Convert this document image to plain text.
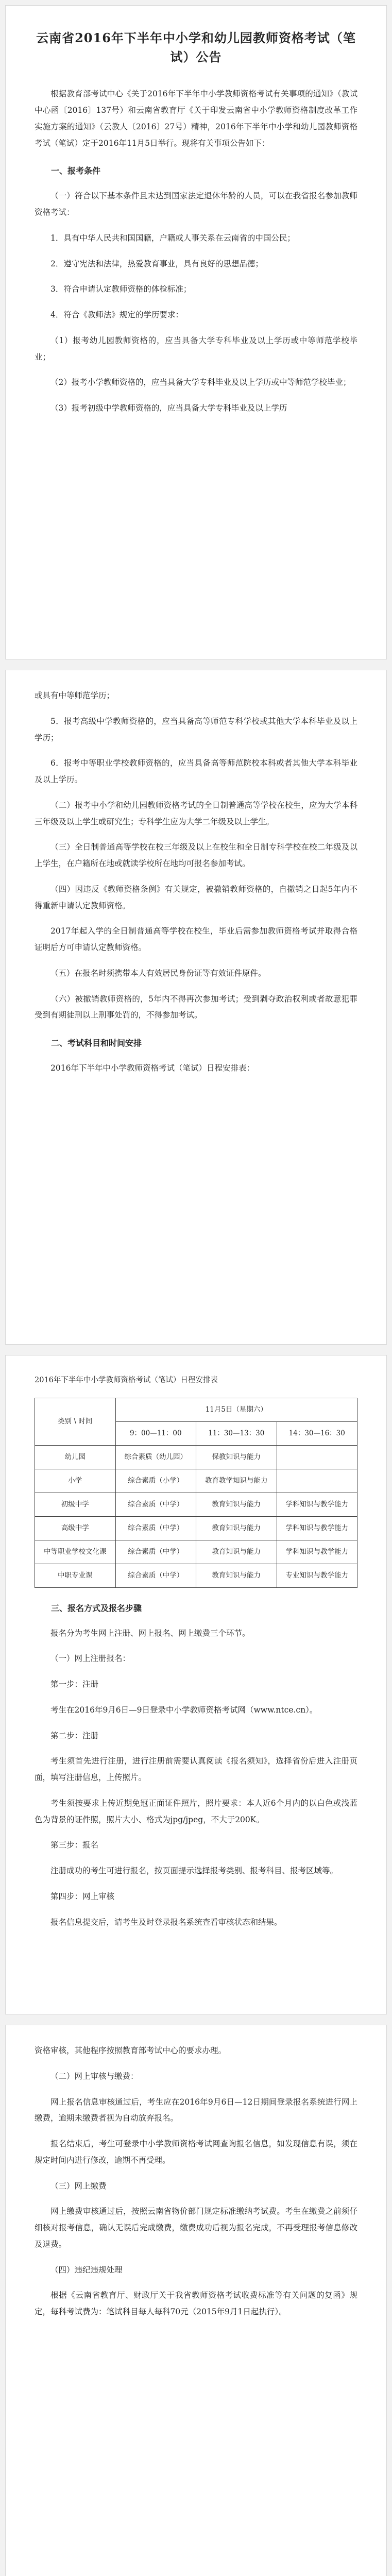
云南省2016年下半年中小学和幼儿园教师资格考试（笔试）公告

根据教育部考试中心《关于2016年下半年中小学教师资格考试有关事项的通知》（教试中心函〔2016〕137号）和云南省教育厅《关于印发云南省中小学教师资格制度改革工作实施方案的通知》（云教人〔2016〕27号）精神，2016年下半年中小学和幼儿园教师资格考试（笔试）定于2016年11月5日举行。现将有关事项公告如下：

一、报考条件

（一）符合以下基本条件且未达到国家法定退休年龄的人员，可以在我省报名参加教师资格考试：

1．具有中华人民共和国国籍，户籍或人事关系在云南省的中国公民；

2．遵守宪法和法律，热爱教育事业，具有良好的思想品德；

3．符合申请认定教师资格的体检标准；

4．符合《教师法》规定的学历要求：

（1）报考幼儿园教师资格的，应当具备大学专科毕业及以上学历或中等师范学校毕业；

（2）报考小学教师资格的，应当具备大学专科毕业及以上学历或中等师范学校毕业；

（3）报考初级中学教师资格的，应当具备大学专科毕业及以上学历

或具有中等师范学历；

5．报考高级中学教师资格的，应当具备高等师范专科学校或其他大学本科毕业及以上学历；

6．报考中等职业学校教师资格的，应当具备高等师范院校本科或者其他大学本科毕业及以上学历。

（二）报考中小学和幼儿园教师资格考试的全日制普通高等学校在校生，应为大学本科三年级及以上学生或研究生；专科学生应为大学二年级及以上学生。

（三）全日制普通高等学校在校三年级及以上在校生和全日制专科学校在校二年级及以上学生，在户籍所在地或就读学校所在地均可报名参加考试。

（四）因违反《教师资格条例》有关规定，被撤销教师资格的，自撤销之日起5年内不得重新申请认定教师资格。

2017年起入学的全日制普通高等学校在校生，毕业后需参加教师资格考试并取得合格证明后方可申请认定教师资格。

（五）在报名时须携带本人有效居民身份证等有效证件原件。

（六）被撤销教师资格的，5年内不得再次参加考试；受到剥夺政治权利或者故意犯罪受到有期徒刑以上刑事处罚的，不得参加考试。

二、考试科目和时间安排

2016年下半年中小学教师资格考试（笔试）日程安排表：

2016年下半年中小学教师资格考试（笔试）日程安排表

类别 \ 时间	11月5日（星期六）		
	9：00—11：00	11：30—13：30	14：30—16：30
幼儿园	综合素质（幼儿园）	保教知识与能力	
小学	综合素质（小学）	教育教学知识与能力	
初级中学	综合素质（中学）	教育知识与能力	学科知识与教学能力
高级中学	综合素质（中学）	教育知识与能力	学科知识与教学能力
中等职业学校文化课	综合素质（中学）	教育知识与能力	学科知识与教学能力
中职专业课	综合素质（中学）	教育知识与能力	专业知识与教学能力
三、报名方式及报名步骤

报名分为考生网上注册、网上报名、网上缴费三个环节。

（一）网上注册报名：

第一步：注册

考生在2016年9月6日—9日登录中小学教师资格考试网（www.ntce.cn）。

第二步：注册

考生须首先进行注册，进行注册前需要认真阅读《报名须知》，选择省份后进入注册页面，填写注册信息，上传照片。

考生须按要求上传近期免冠正面证件照片，照片要求：本人近6个月内的以白色或浅蓝色为背景的证件照，照片大小、格式为jpg/jpeg，不大于200K。

第三步：报名

注册成功的考生可进行报名，按页面提示选择报考类别、报考科目、报考区域等。

第四步：网上审核

报名信息提交后，请考生及时登录报名系统查看审核状态和结果。

资格审核，其他程序按照教育部考试中心的要求办理。

（二）网上审核与缴费：

网上报名信息审核通过后，考生应在2016年9月6日—12日期间登录报名系统进行网上缴费，逾期未缴费者视为自动放弃报名。

报名结束后，考生可登录中小学教师资格考试网查询报名信息，如发现信息有误，须在规定时间内进行修改，逾期不再受理。

（三）网上缴费

网上缴费审核通过后，按照云南省物价部门规定标准缴纳考试费。考生在缴费之前须仔细核对报考信息，确认无误后完成缴费，缴费成功后视为报名完成，不再受理报考信息修改及退费。

（四）违纪违规处理

根据《云南省教育厅、财政厅关于我省教师资格考试收费标准等有关问题的复函》规定，每科考试费为：笔试科目每人每科70元（2015年9月1日起执行）。
